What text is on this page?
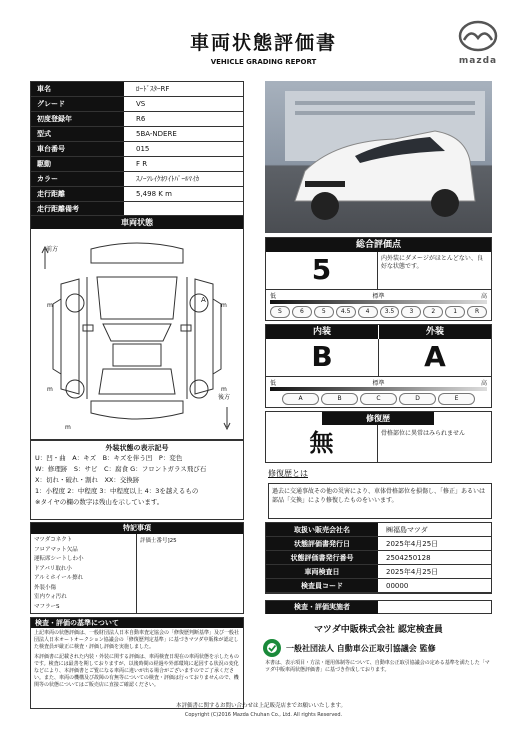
車両状態評価書
VEHICLE GRADING REPORT	mazda
車名	ﾛｰﾄﾞｽﾀｰRF
グレード	VS
初度登録年	R6
型式	5BA-NDERE
車台番号	015
駆動	F R
カラー	ｽﾉｰﾌﾚｲｸﾎﾜｲﾄﾊﾟｰﾙﾏｲｶ
走行距離	5,498 K m
走行距離備考
車両状態
前方
後方
A
m	m
m	m
m
外装状態の表示記号
U：凹・曲　A：キズ　B：キズを伴う凹　P：変色
W：修理跡　S：サビ　C：腐食 G：フロントガラス飛び石
X：切れ・破れ・割れ　XX：交換跡
1：小程度 2：中程度 3：中程度以上 4：3を越えるもの
※タイヤの欄の数字は残山を示しています。
特記事項
マツダコネクト
フロアマット欠品
運転席シートしわ小
ドアバリ取れ小
アルミホイール擦れ
外装小傷
室内ウォ汚れ
マフラーS
評価士番号]25
検査・評価の基準について
上記車両の状態評価は、一般財団法人日本自動車査定協会の「修復歴判断基準」及び一般社団法人日本オートオークション協議会の「修復歴判定基準」に基づきマツダ中販株が認定した検査員が厳正に検査・評価し評価を実施しました。
本評価書に記載された内装・外装に関する評価は、車両検査日現在の車両状態を示したものです。検査には最善を期しておりますが、以後時間の経過や外部環境に起因する状況の変化などにより、本評価書とご覧になる車両に違いが出る場合がございますのでご了承ください。また、車両の機構及び故障の有無等についての検査・評価は行っておりませんので、機関等の状態についてはご販売店に直接ご確認ください。
総合評価点
5	内外装にダメージがほとんどない、良好な状態です。
低	標準	高
S	6	5	4.5	4	3.5	3	2	1	R
内装	外装
B	A
低	標準	高
A	B	C	D	E
修復歴
無	骨格部位に異常はみられません
修復歴とは
過去に交通事故その他の災害により、車体骨格部位を損傷し、「修正」あるいは部品「交換」により修復したものをいいます。
取扱い販売会社名	㈱福島マツダ
状態評価書発行日	2025年4月25日
状態評価書発行番号	2504250128
車両検査日	2025年4月25日
検査員コード	00000
検査・評価実施者
マツダ中販株式会社 認定検査員
一般社団法人 自動車公正取引協議会 監修
本書は、表示項目・方法・運用体制等について、自動車公正取引協議会の定める基準を満たした「マツダ中販車両状態評価書」に基づき作成しております。
本評価書に関するお問い合わせは上記販売店までお願いいたします。
Copyright (C)2016 Mazda Chuhan Co., Ltd. All rights Reserved.
